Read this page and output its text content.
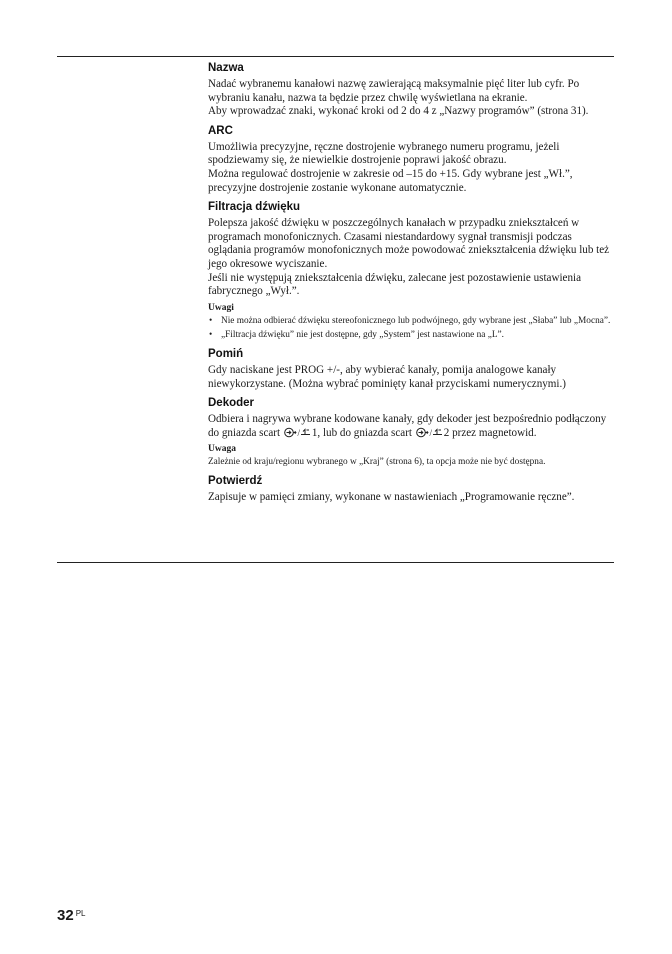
Nazwa

Nadać wybranemu kanałowi nazwę zawierającą maksymalnie pięć liter lub cyfr. Po wybraniu kanału, nazwa ta będzie przez chwilę wyświetlana na ekranie.

Aby wprowadzać znaki, wykonać kroki od 2 do 4 z „Nazwy programów” (strona 31).

ARC

Umożliwia precyzyjne, ręczne dostrojenie wybranego numeru programu, jeżeli spodziewamy się, że niewielkie dostrojenie poprawi jakość obrazu.

Można regulować dostrojenie w zakresie od –15 do +15. Gdy wybrane jest „Wł.”, precyzyjne dostrojenie zostanie wykonane automatycznie.

Filtracja dźwięku

Polepsza jakość dźwięku w poszczególnych kanałach w przypadku zniekształceń w programach monofonicznych. Czasami niestandardowy sygnał transmisji podczas oglądania programów monofonicznych może powodować zniekształcenia dźwięku lub też jego okresowe wyciszanie.

Jeśli nie występują zniekształcenia dźwięku, zalecane jest pozostawienie ustawienia fabrycznego „Wył.”.

Uwagi
• Nie można odbierać dźwięku stereofonicznego lub podwójnego, gdy wybrane jest „Słaba” lub „Mocna”.
• „Filtracja dźwięku” nie jest dostępne, gdy „System” jest nastawione na „L”.
Pomiń

Gdy naciskane jest PROG +/-, aby wybierać kanały, pomija analogowe kanały niewykorzystane. (Można wybrać pominięty kanał przyciskami numerycznymi.)

Dekoder

Odbiera i nagrywa wybrane kodowane kanały, gdy dekoder jest bezpośrednio podłączony do gniazda scart / 1, lub do gniazda scart / 2 przez magnetowid.

Uwaga

Zależnie od kraju/regionu wybranego w „Kraj” (strona 6), ta opcja może nie być dostępna.

Potwierdź

Zapisuje w pamięci zmiany, wykonane w nastawieniach „Programowanie ręczne”.

32 $^{PL}$
